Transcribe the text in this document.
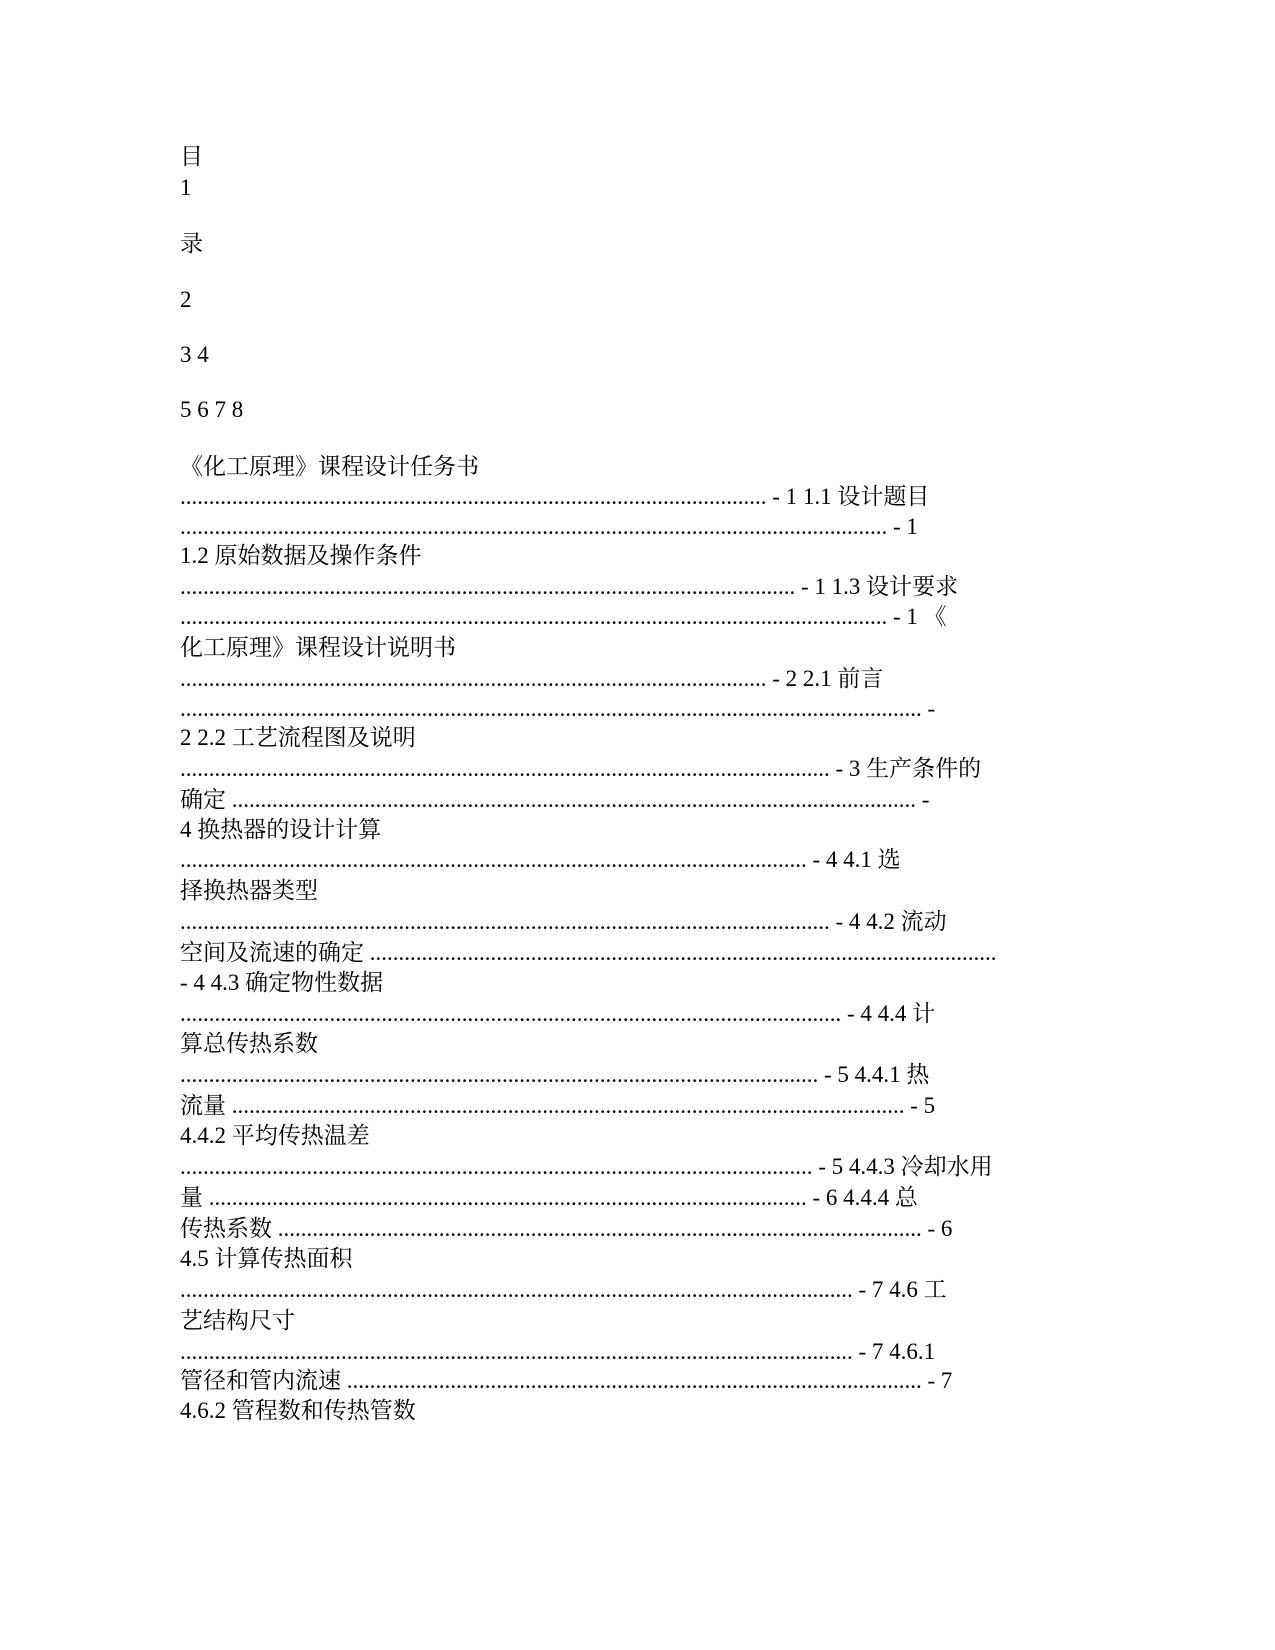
目
1
录
2
3 4
5 6 7 8
《化工原理》课程设计任务书
...................................................................................................... - 1 1.1 设计题目
........................................................................................................................... - 1
1.2 原始数据及操作条件
........................................................................................................... - 1 1.3 设计要求
........................................................................................................................... - 1 《
化工原理》课程设计说明书
...................................................................................................... - 2 2.1 前言
................................................................................................................................. -
2 2.2 工艺流程图及说明
................................................................................................................. - 3 生产条件的
确定 ....................................................................................................................... -
4 换热器的设计计算
............................................................................................................. - 4 4.1 选
择换热器类型
................................................................................................................. - 4 4.2 流动
空间及流速的确定 .............................................................................................................
- 4 4.3 确定物性数据
................................................................................................................... - 4 4.4 计
算总传热系数
............................................................................................................... - 5 4.4.1 热
流量 ..................................................................................................................... - 5
4.4.2 平均传热温差
.............................................................................................................. - 5 4.4.3 冷却水用
量 ........................................................................................................ - 6 4.4.4 总
传热系数 ................................................................................................................ - 6
4.5 计算传热面积
..................................................................................................................... - 7 4.6 工
艺结构尺寸
..................................................................................................................... - 7 4.6.1
管径和管内流速 .................................................................................................... - 7
4.6.2 管程数和传热管数
